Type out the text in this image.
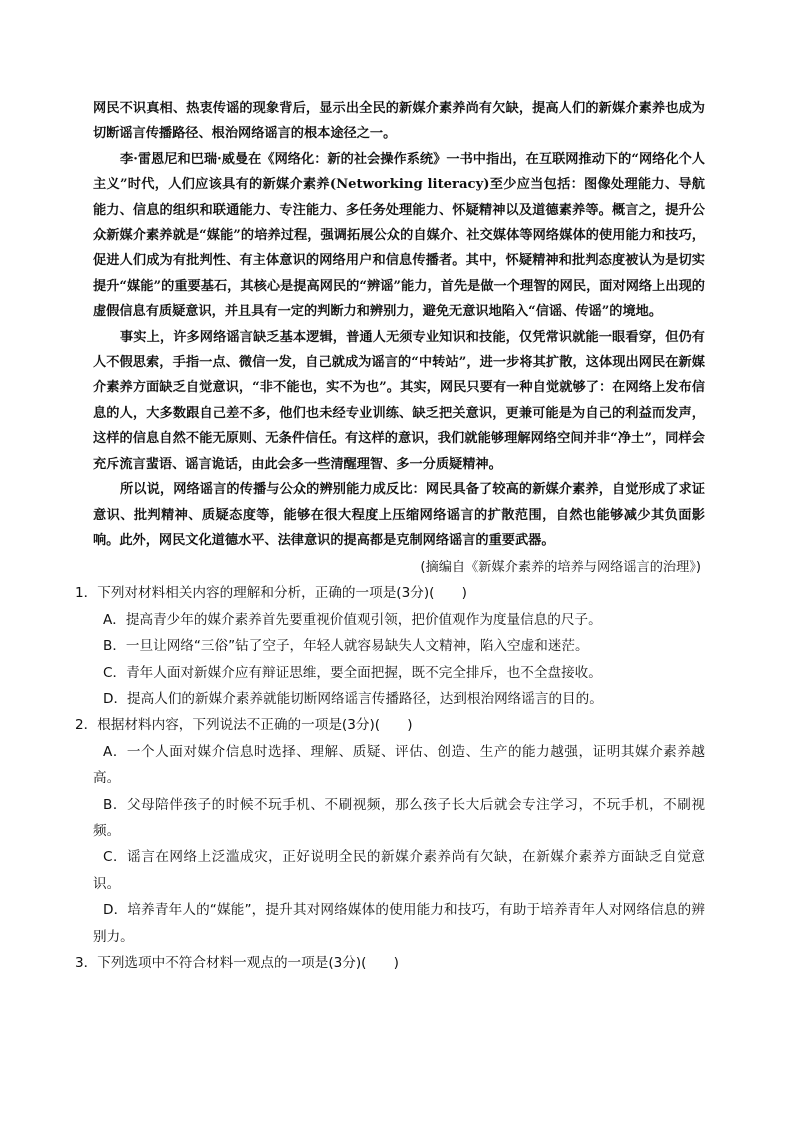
网民不识真相、热衷传谣的现象背后，显示出全民的新媒介素养尚有欠缺，提高人们的新媒介素养也成为切断谣言传播路径、根治网络谣言的根本途径之一。

李·雷恩尼和巴瑞·威曼在《网络化：新的社会操作系统》一书中指出，在互联网推动下的“网络化个人主义”时代，人们应该具有的新媒介素养(Networking literacy)至少应当包括：图像处理能力、导航能力、信息的组织和联通能力、专注能力、多任务处理能力、怀疑精神以及道德素养等。概言之，提升公众新媒介素养就是“媒能”的培养过程，强调拓展公众的自媒介、社交媒体等网络媒体的使用能力和技巧，促进人们成为有批判性、有主体意识的网络用户和信息传播者。其中，怀疑精神和批判态度被认为是切实提升“媒能”的重要基石，其核心是提高网民的“辨谣”能力，首先是做一个理智的网民，面对网络上出现的虚假信息有质疑意识，并且具有一定的判断力和辨别力，避免无意识地陷入“信谣、传谣”的境地。

事实上，许多网络谣言缺乏基本逻辑，普通人无须专业知识和技能，仅凭常识就能一眼看穿，但仍有人不假思索，手指一点、微信一发，自己就成为谣言的“中转站”，进一步将其扩散，这体现出网民在新媒介素养方面缺乏自觉意识，“非不能也，实不为也”。其实，网民只要有一种自觉就够了：在网络上发布信息的人，大多数跟自己差不多，他们也未经专业训练、缺乏把关意识，更兼可能是为自己的利益而发声，这样的信息自然不能无原则、无条件信任。有这样的意识，我们就能够理解网络空间并非“净土”，同样会充斥流言蜚语、谣言诡话，由此会多一些清醒理智、多一分质疑精神。

所以说，网络谣言的传播与公众的辨别能力成反比：网民具备了较高的新媒介素养，自觉形成了求证意识、批判精神、质疑态度等，能够在很大程度上压缩网络谣言的扩散范围，自然也能够减少其负面影响。此外，网民文化道德水平、法律意识的提高都是克制网络谣言的重要武器。

(摘编自《新媒介素养的培养与网络谣言的治理》)

1．下列对材料相关内容的理解和分析，正确的一项是(3分)(　　)

A．提高青少年的媒介素养首先要重视价值观引领，把价值观作为度量信息的尺子。

B．一旦让网络“三俗”钻了空子，年轻人就容易缺失人文精神，陷入空虚和迷茫。

C．青年人面对新媒介应有辩证思维，要全面把握，既不完全排斥，也不全盘接收。

D．提高人们的新媒介素养就能切断网络谣言传播路径，达到根治网络谣言的目的。

2．根据材料内容，下列说法不正确的一项是(3分)(　　)

A．一个人面对媒介信息时选择、理解、质疑、评估、创造、生产的能力越强，证明其媒介素养越高。

B．父母陪伴孩子的时候不玩手机、不刷视频，那么孩子长大后就会专注学习，不玩手机，不刷视频。

C．谣言在网络上泛滥成灾，正好说明全民的新媒介素养尚有欠缺，在新媒介素养方面缺乏自觉意识。

D．培养青年人的“媒能”，提升其对网络媒体的使用能力和技巧，有助于培养青年人对网络信息的辨别力。

3．下列选项中不符合材料一观点的一项是(3分)(　　)
